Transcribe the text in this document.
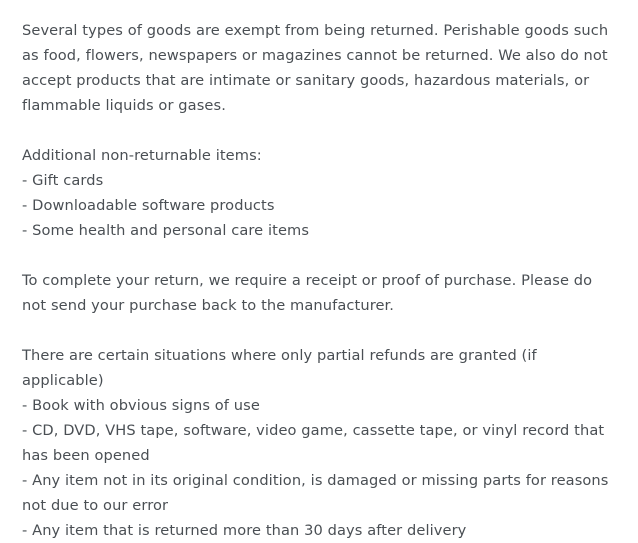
Several types of goods are exempt from being returned. Perishable goods such as food, flowers, newspapers or magazines cannot be returned. We also do not accept products that are intimate or sanitary goods, hazardous materials, or flammable liquids or gases.

Additional non-returnable items:
- Gift cards
- Downloadable software products
- Some health and personal care items

To complete your return, we require a receipt or proof of purchase. Please do not send your purchase back to the manufacturer.

There are certain situations where only partial refunds are granted (if applicable)
- Book with obvious signs of use
- CD, DVD, VHS tape, software, video game, cassette tape, or vinyl record that has been opened
- Any item not in its original condition, is damaged or missing parts for reasons not due to our error
- Any item that is returned more than 30 days after delivery
